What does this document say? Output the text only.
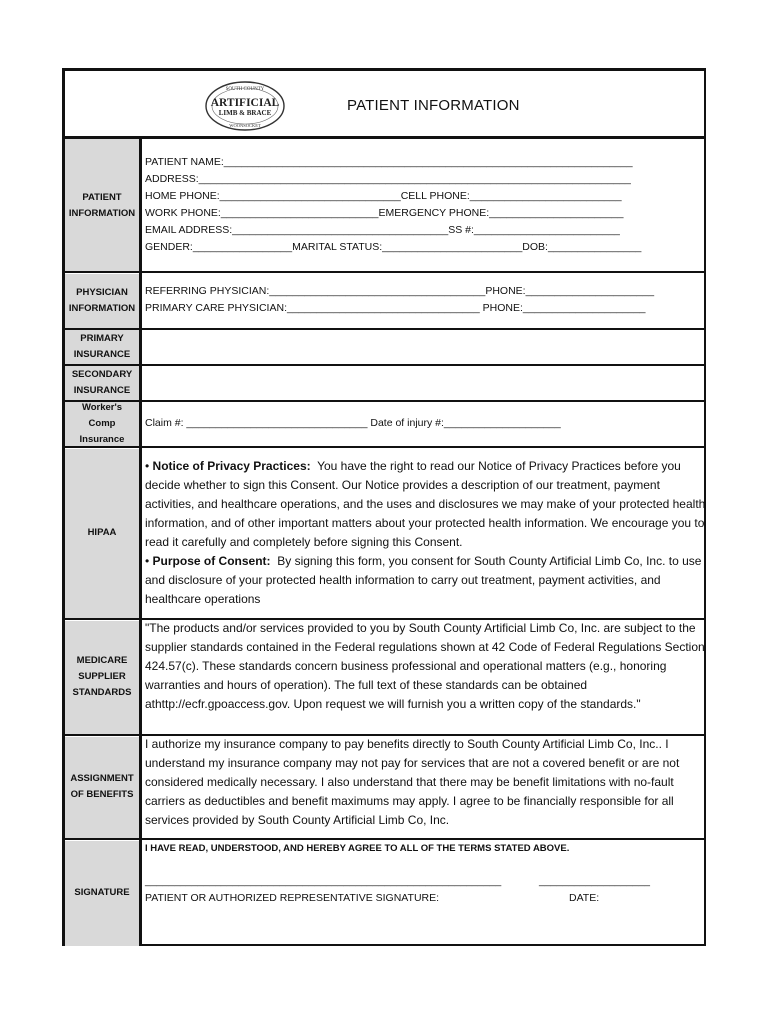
SOUTH COUNTY
ARTIFICIAL
LIMB & BRACE
WOONSOCKET
PATIENT INFORMATION
PATIENT
INFORMATION
PHYSICIAN
INFORMATION
PRIMARY
INSURANCE
SECONDARY
INSURANCE
Worker's
Comp
Insurance
HIPAA
MEDICARE
SUPPLIER
STANDARDS
ASSIGNMENT
OF BENEFITS
SIGNATURE
PATIENT NAME:______________________________________________________________________
ADDRESS:__________________________________________________________________________
HOME PHONE:_______________________________CELL PHONE:__________________________
WORK PHONE:___________________________EMERGENCY PHONE:_______________________
EMAIL ADDRESS:_____________________________________SS #:_________________________
GENDER:_________________MARITAL STATUS:________________________DOB:________________
REFERRING PHYSICIAN:_____________________________________PHONE:______________________
PRIMARY CARE PHYSICIAN:_________________________________ PHONE:_____________________
Claim #: _______________________________ Date of injury #:____________________
• Notice of Privacy Practices: You have the right to read our Notice of Privacy Practices before you decide whether to sign this Consent. Our Notice provides a description of our treatment, payment activities, and healthcare operations, and the uses and disclosures we may make of your protected health information, and of other important matters about your protected health information. We encourage you to read it carefully and completely before signing this Consent.
• Purpose of Consent: By signing this form, you consent for South County Artificial Limb Co, Inc. to use and disclosure of your protected health information to carry out treatment, payment activities, and healthcare operations
"The products and/or services provided to you by South County Artificial Limb Co, Inc. are subject to the supplier standards contained in the Federal regulations shown at 42 Code of Federal Regulations Section 424.57(c). These standards concern business professional and operational matters (e.g., honoring warranties and hours of operation). The full text of these standards can be obtained athttp://ecfr.gpoaccess.gov. Upon request we will furnish you a written copy of the standards."
I authorize my insurance company to pay benefits directly to South County Artificial Limb Co, Inc.. I understand my insurance company may not pay for services that are not a covered benefit or are not considered medically necessary. I also understand that there may be benefit limitations with no-fault carriers as deductibles and benefit maximums may apply. I agree to be financially responsible for all services provided by South County Artificial Limb Co, Inc.
I HAVE READ, UNDERSTOOD, AND HEREBY AGREE TO ALL OF THE TERMS STATED ABOVE.
_____________________________________________________________	___________________
PATIENT OR AUTHORIZED REPRESENTATIVE SIGNATURE:	DATE:
